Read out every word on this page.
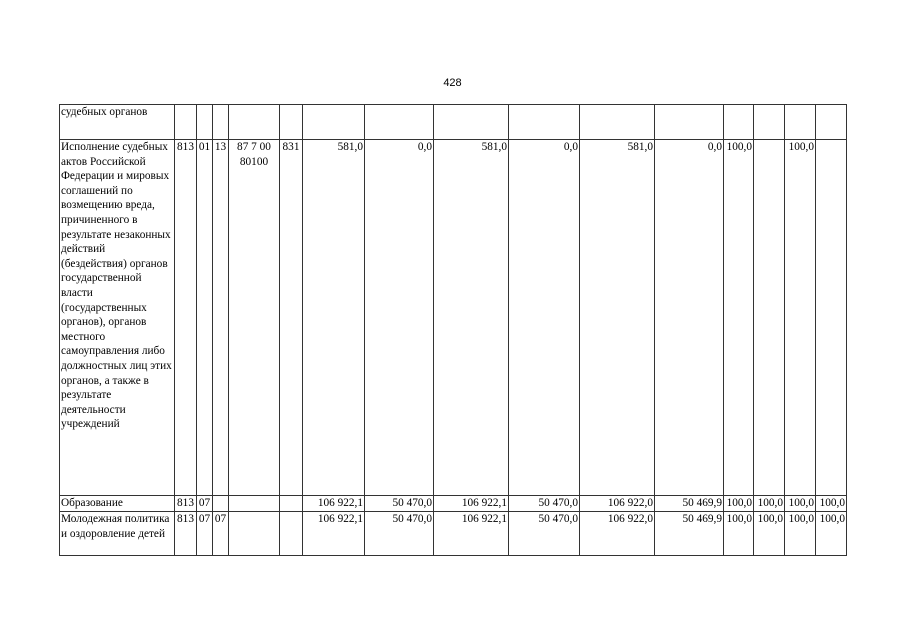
428
судебных органов															
Исполнение судебных актов Российской Федерации и мировых соглашений по возмещению вреда, причиненного в результате незаконных действий (бездействия) органов государственной власти (государственных органов), органов местного самоуправления либо должностных лиц этих органов, а также в результате деятельности учреждений	813	01	13	87 7 00 80100	831	581,0	0,0	581,0	0,0	581,0	0,0	100,0		100,0	
Образование	813	07				106 922,1	50 470,0	106 922,1	50 470,0	106 922,0	50 469,9	100,0	100,0	100,0	100,0
Молодежная политика и оздоровление детей	813	07	07			106 922,1	50 470,0	106 922,1	50 470,0	106 922,0	50 469,9	100,0	100,0	100,0	100,0
